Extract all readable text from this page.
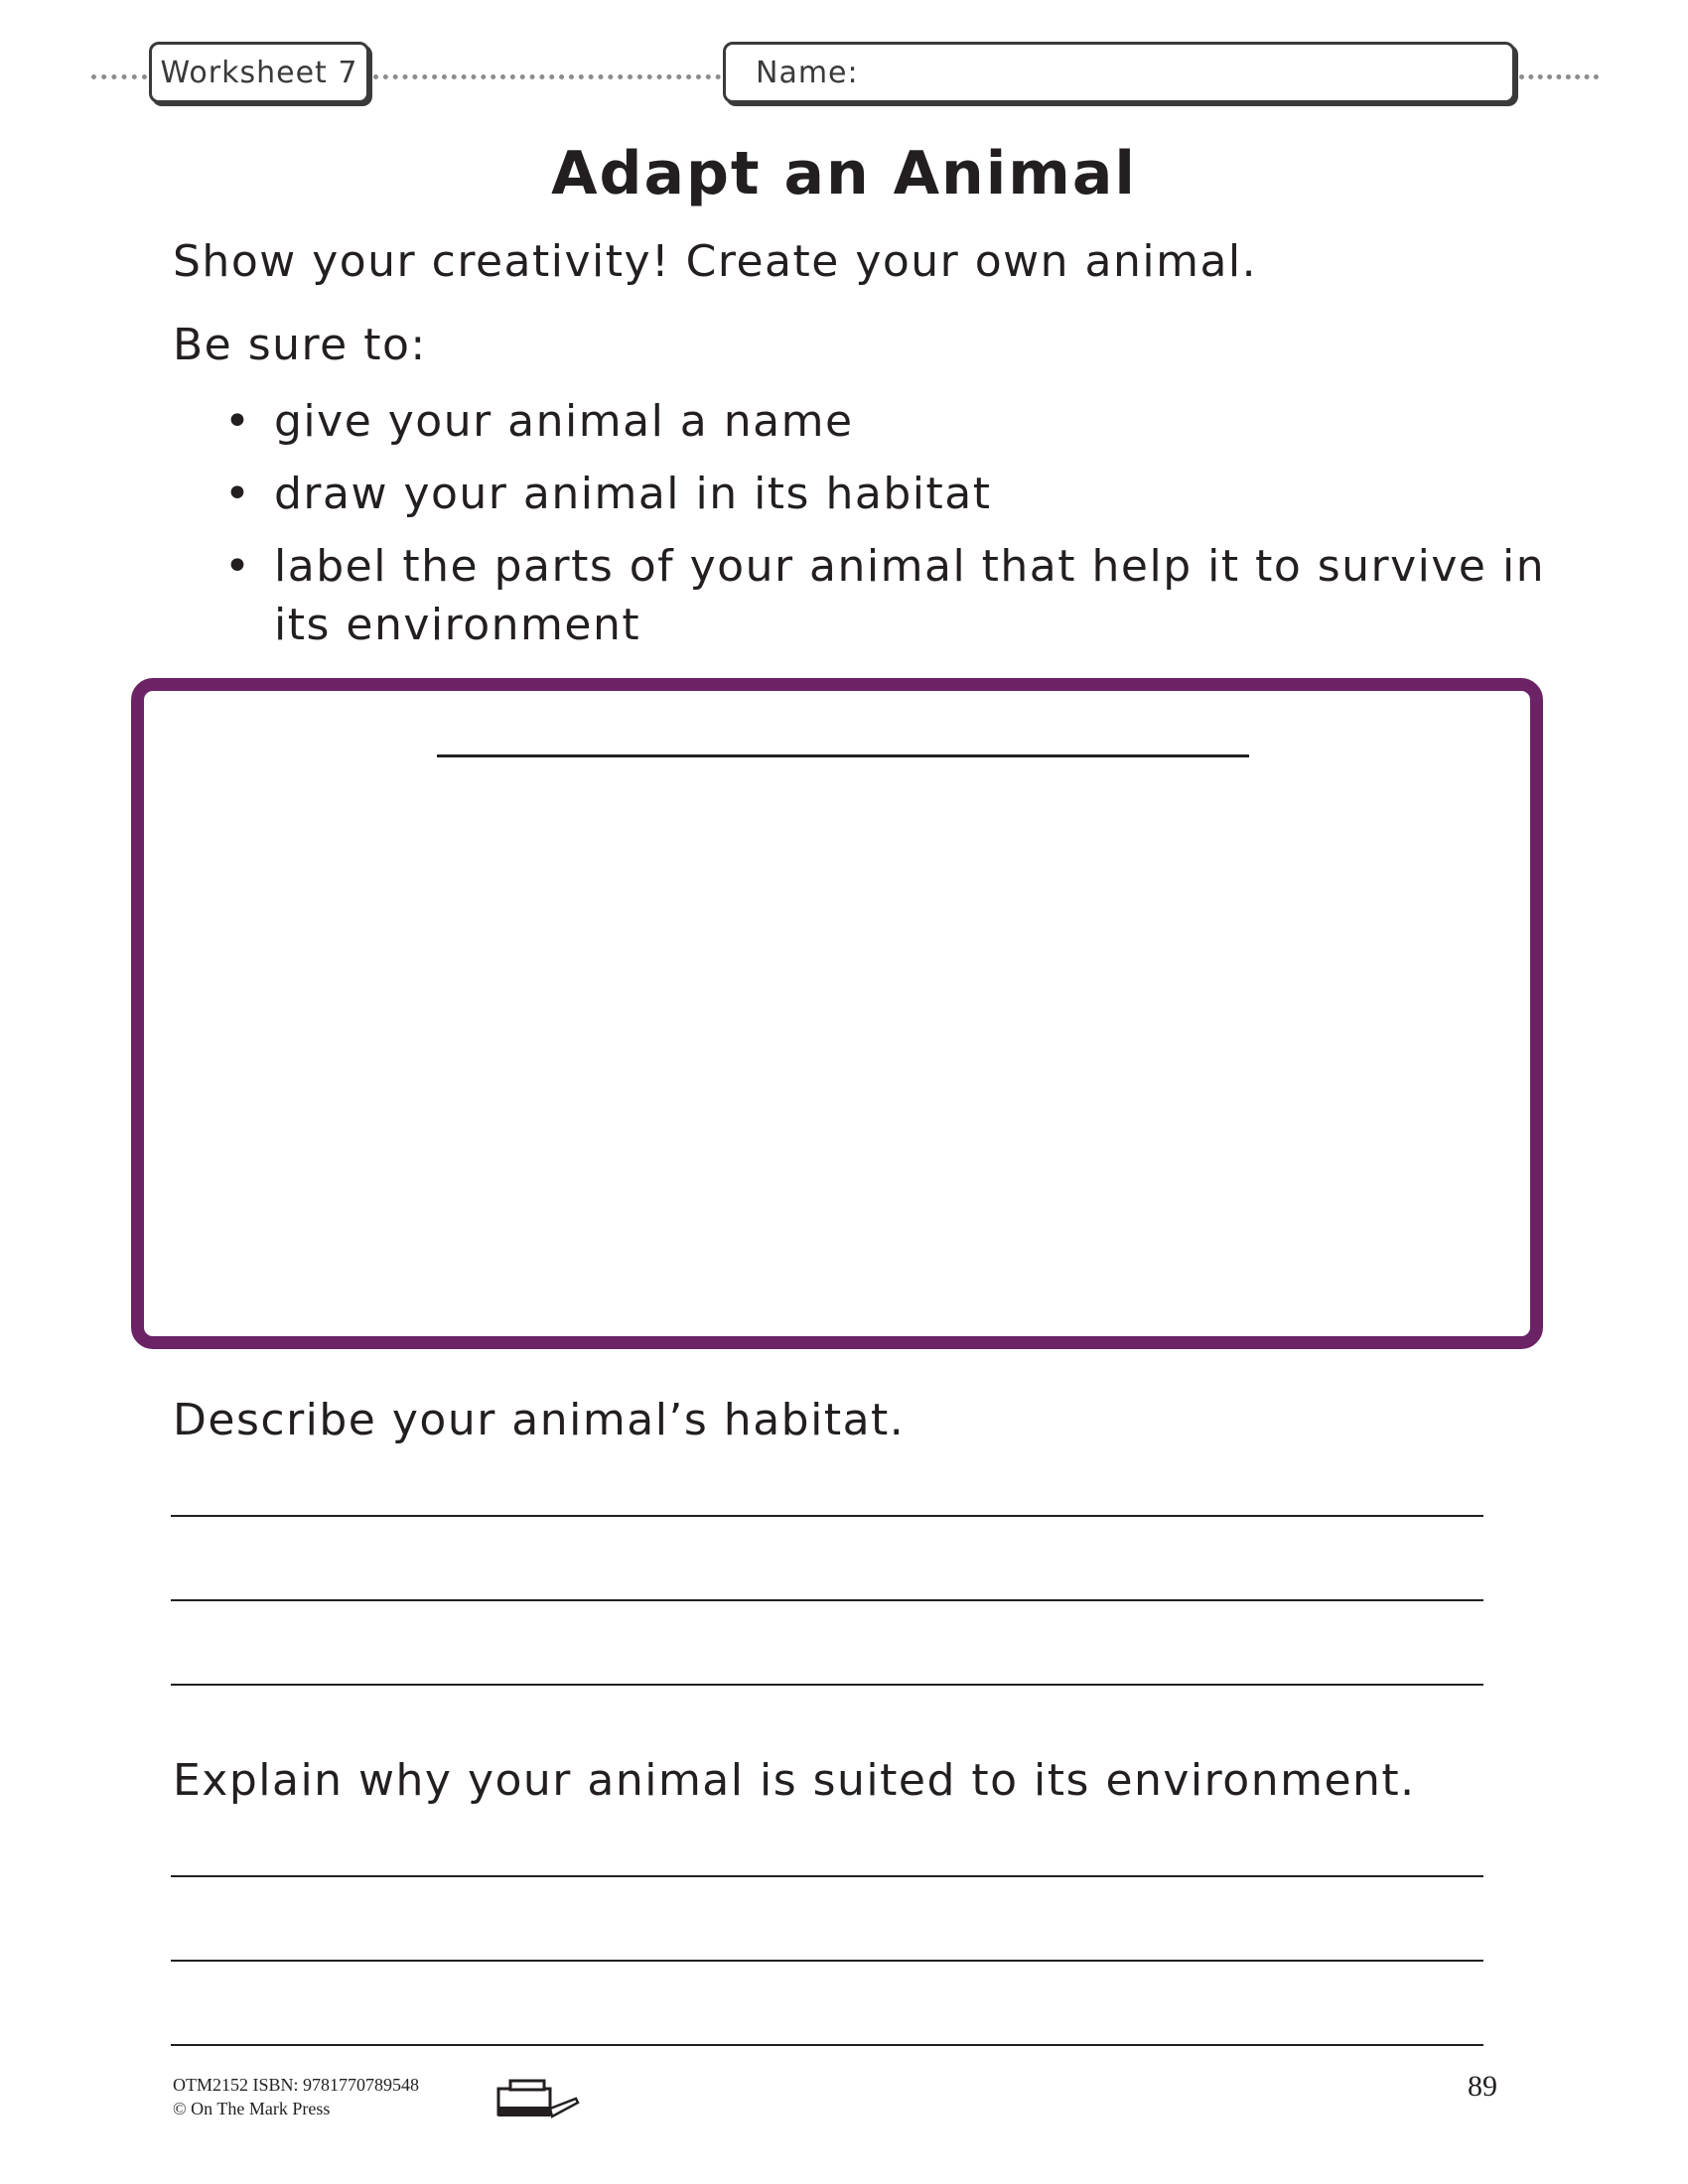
Worksheet 7	Name:
Adapt an Animal
Show your creativity! Create your own animal.
Be sure to:
• give your animal a name
• draw your animal in its habitat
• label the parts of your animal that help it to survive in its environment
Describe your animal’s habitat.
Explain why your animal is suited to its environment.
OTM2152 ISBN: 9781770789548
© On The Mark Press
89
